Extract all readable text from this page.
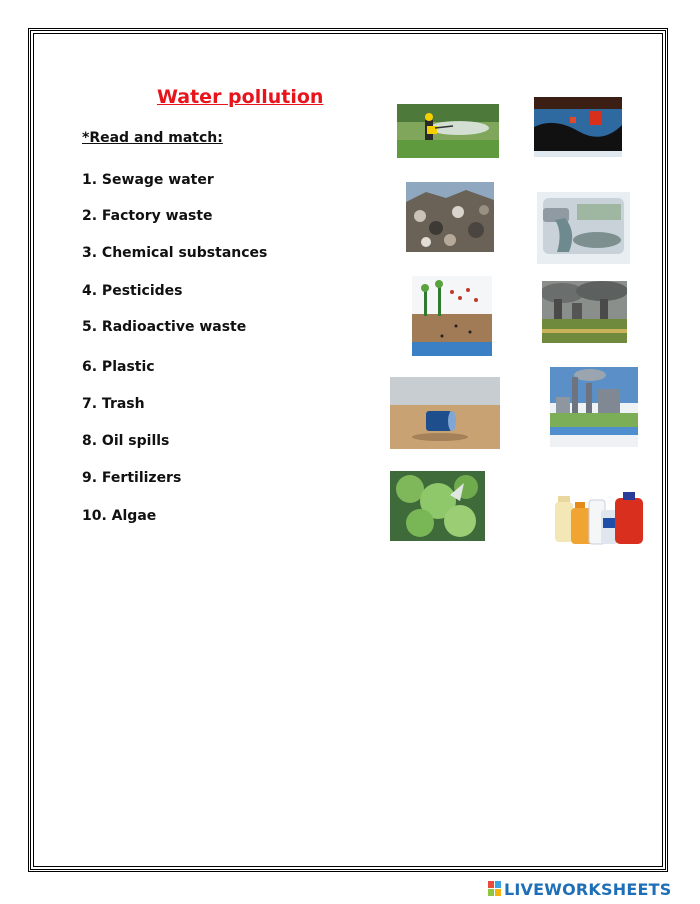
Water pollution
*Read and match:
1. Sewage water
2. Factory waste
3. Chemical substances
4. Pesticides
5. Radioactive waste
6. Plastic
7. Trash
8. Oil spills
9. Fertilizers
10. Algae
LIVEWORKSHEETS
